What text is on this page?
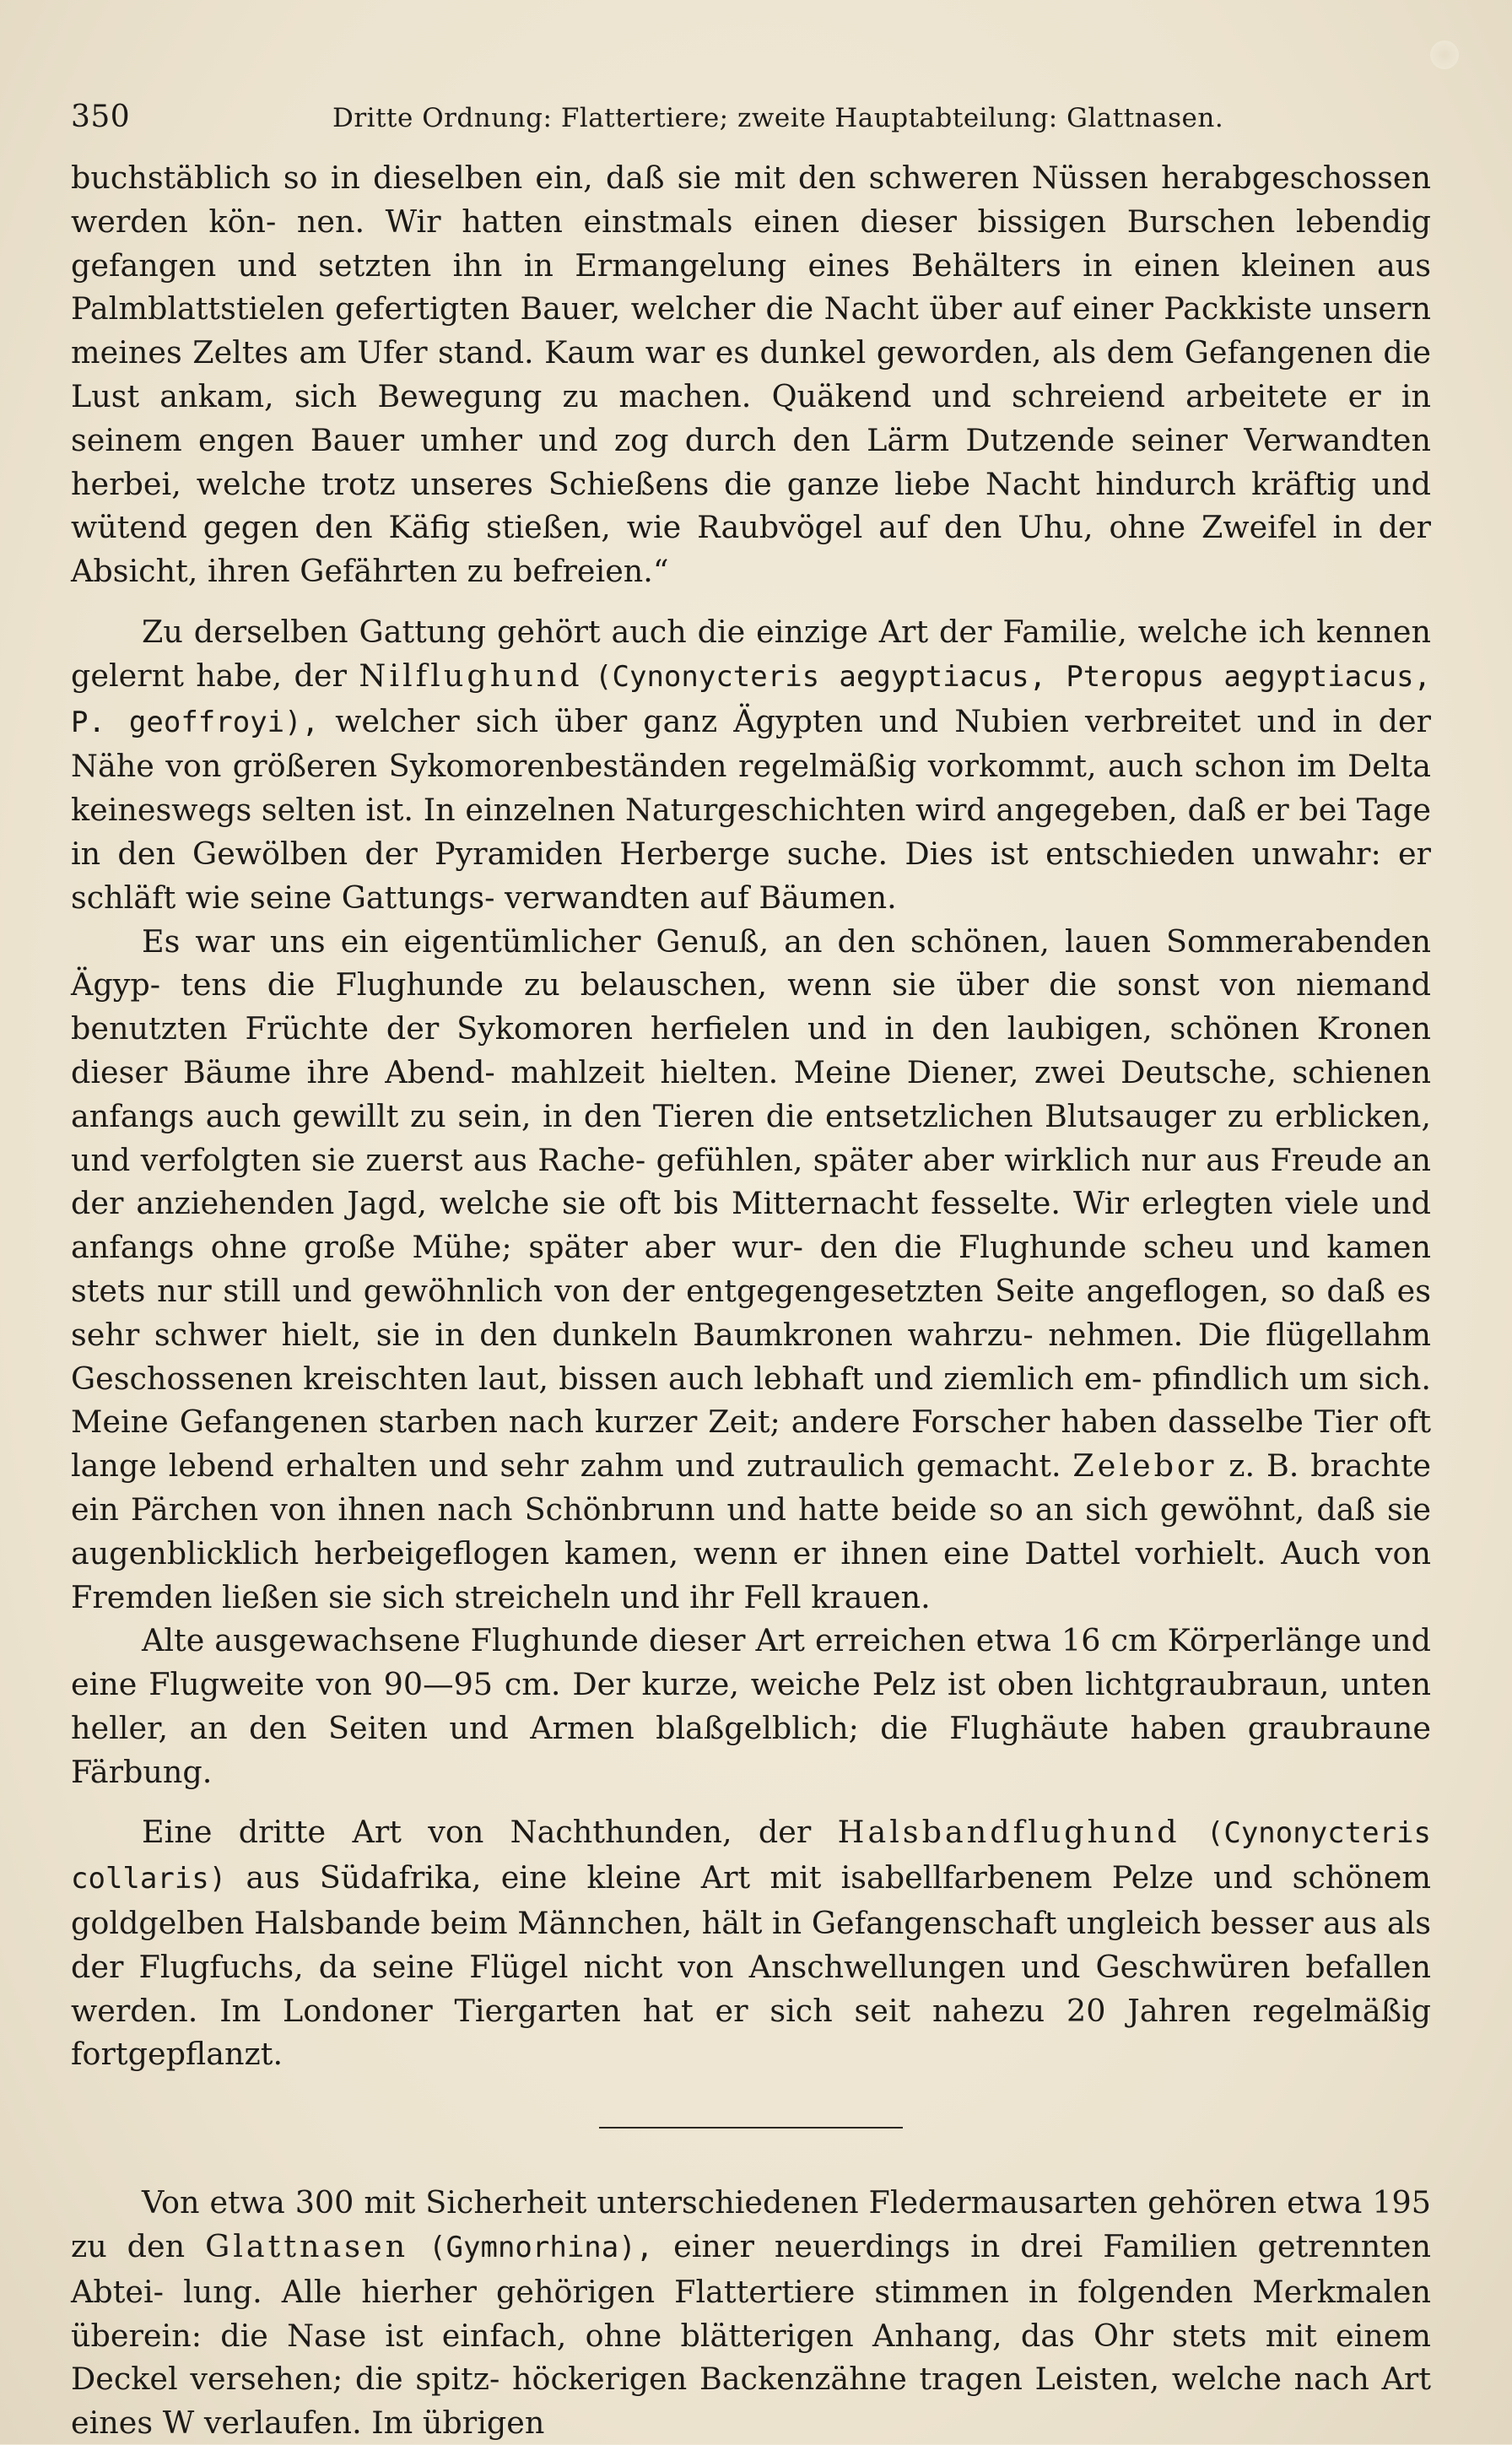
350	Dritte Ordnung: Flattertiere; zweite Hauptabteilung: Glattnasen.

buchstäblich so in dieselben ein, daß sie mit den schweren Nüssen herabgeschossen werden kön- nen. Wir hatten einstmals einen dieser bissigen Burschen lebendig gefangen und setzten ihn in Ermangelung eines Behälters in einen kleinen aus Palmblattstielen gefertigten Bauer, welcher die Nacht über auf einer Packkiste unsern meines Zeltes am Ufer stand. Kaum war es dunkel geworden, als dem Gefangenen die Lust ankam, sich Bewegung zu machen. Quäkend und schreiend arbeitete er in seinem engen Bauer umher und zog durch den Lärm Dutzende seiner Verwandten herbei, welche trotz unseres Schießens die ganze liebe Nacht hindurch kräftig und wütend gegen den Käfig stießen, wie Raubvögel auf den Uhu, ohne Zweifel in der Absicht, ihren Gefährten zu befreien.“

Zu derselben Gattung gehört auch die einzige Art der Familie, welche ich kennen gelernt habe, der Nilflughund (Cynonycteris aegyptiacus, Pteropus aegyptiacus, P. geoffroyi), welcher sich über ganz Ägypten und Nubien verbreitet und in der Nähe von größeren Sykomorenbeständen regelmäßig vorkommt, auch schon im Delta keineswegs selten ist. In einzelnen Naturgeschichten wird angegeben, daß er bei Tage in den Gewölben der Pyramiden Herberge suche. Dies ist entschieden unwahr: er schläft wie seine Gattungs- verwandten auf Bäumen.

Es war uns ein eigentümlicher Genuß, an den schönen, lauen Sommerabenden Ägyp- tens die Flughunde zu belauschen, wenn sie über die sonst von niemand benutzten Früchte der Sykomoren herfielen und in den laubigen, schönen Kronen dieser Bäume ihre Abend- mahlzeit hielten. Meine Diener, zwei Deutsche, schienen anfangs auch gewillt zu sein, in den Tieren die entsetzlichen Blutsauger zu erblicken, und verfolgten sie zuerst aus Rache- gefühlen, später aber wirklich nur aus Freude an der anziehenden Jagd, welche sie oft bis Mitternacht fesselte. Wir erlegten viele und anfangs ohne große Mühe; später aber wur- den die Flughunde scheu und kamen stets nur still und gewöhnlich von der entgegengesetzten Seite angeflogen, so daß es sehr schwer hielt, sie in den dunkeln Baumkronen wahrzu- nehmen. Die flügellahm Geschossenen kreischten laut, bissen auch lebhaft und ziemlich em- pfindlich um sich. Meine Gefangenen starben nach kurzer Zeit; andere Forscher haben dasselbe Tier oft lange lebend erhalten und sehr zahm und zutraulich gemacht. Zelebor z. B. brachte ein Pärchen von ihnen nach Schönbrunn und hatte beide so an sich gewöhnt, daß sie augenblicklich herbeigeflogen kamen, wenn er ihnen eine Dattel vorhielt. Auch von Fremden ließen sie sich streicheln und ihr Fell krauen.

Alte ausgewachsene Flughunde dieser Art erreichen etwa 16 cm Körperlänge und eine Flugweite von 90—95 cm. Der kurze, weiche Pelz ist oben lichtgraubraun, unten heller, an den Seiten und Armen blaßgelblich; die Flughäute haben graubraune Färbung.

Eine dritte Art von Nachthunden, der Halsbandflughund (Cynonycteris collaris) aus Südafrika, eine kleine Art mit isabellfarbenem Pelze und schönem goldgelben Halsbande beim Männchen, hält in Gefangenschaft ungleich besser aus als der Flugfuchs, da seine Flügel nicht von Anschwellungen und Geschwüren befallen werden. Im Londoner Tiergarten hat er sich seit nahezu 20 Jahren regelmäßig fortgepflanzt.

Von etwa 300 mit Sicherheit unterschiedenen Fledermausarten gehören etwa 195 zu den Glattnasen (Gymnorhina), einer neuerdings in drei Familien getrennten Abtei- lung. Alle hierher gehörigen Flattertiere stimmen in folgenden Merkmalen überein: die Nase ist einfach, ohne blätterigen Anhang, das Ohr stets mit einem Deckel versehen; die spitz- höckerigen Backenzähne tragen Leisten, welche nach Art eines W verlaufen. Im übrigen
